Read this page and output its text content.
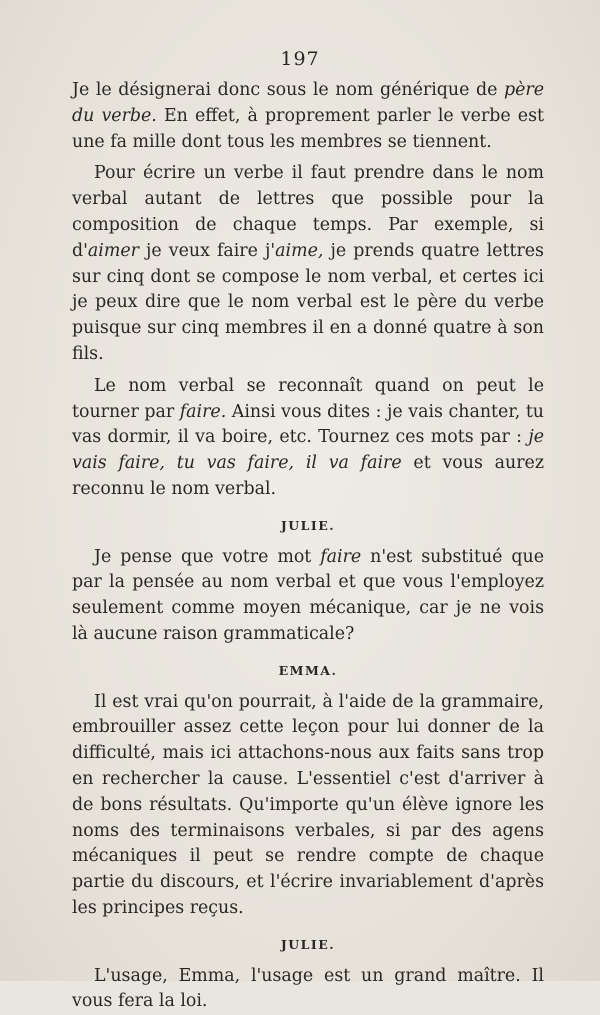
197

Je le désignerai donc sous le nom générique de père du verbe. En effet, à proprement parler le verbe est une fa mille dont tous les membres se tiennent.

Pour écrire un verbe il faut prendre dans le nom verbal autant de lettres que possible pour la composition de chaque temps. Par exemple, si d'aimer je veux faire j'aime, je prends quatre lettres sur cinq dont se compose le nom verbal, et certes ici je peux dire que le nom verbal est le père du verbe puisque sur cinq membres il en a donné quatre à son fils.

Le nom verbal se reconnaît quand on peut le tourner par faire. Ainsi vous dites : je vais chanter, tu vas dormir, il va boire, etc. Tournez ces mots par : je vais faire, tu vas faire, il va faire et vous aurez reconnu le nom verbal.

JULIE.

Je pense que votre mot faire n'est substitué que par la pensée au nom verbal et que vous l'employez seulement comme moyen mécanique, car je ne vois là aucune raison grammaticale?

EMMA.

Il est vrai qu'on pourrait, à l'aide de la grammaire, embrouiller assez cette leçon pour lui donner de la difficulté, mais ici attachons-nous aux faits sans trop en rechercher la cause. L'essentiel c'est d'arriver à de bons résultats. Qu'importe qu'un élève ignore les noms des terminaisons verbales, si par des agens mécaniques il peut se rendre compte de chaque partie du discours, et l'écrire invariablement d'après les principes reçus.

JULIE.

L'usage, Emma, l'usage est un grand maître. Il vous fera la loi.
